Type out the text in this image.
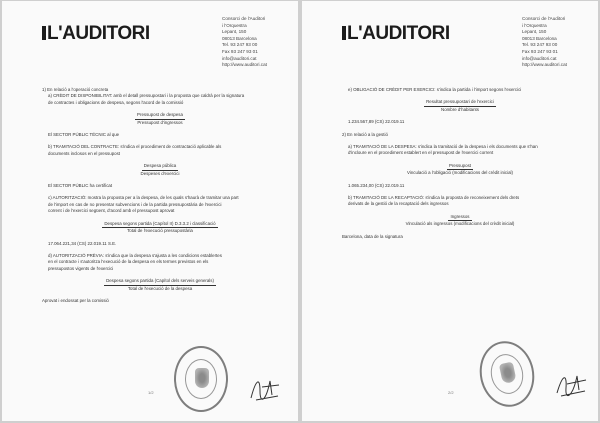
L'AUDITORI
Consorci de l'Auditori
i l'Orquestra
Lepant, 150
08013 Barcelona
Tel. 93 247 93 00
Fax 93 247 93 01
info@auditori.cat
http://www.auditori.cat
1) En relació a l'operació concreta
a) CRÈDIT DE DISPONIBILITAT: amb el detall pressupostari i la proposta que caldrà per la signatura
de contractes i obligacions de despesa, segons l'acord de la comissió
Pressupost de despesa
Pressupost d'ingressos
El SECTOR PÚBLIC TÉCNIC al que
b) TRAMITACIÓ DEL CONTRACTE: s'indica el procediment de contractació aplicable als
documents inclosos en el pressupost
Despesa pública
Despeses d'exercici
El SECTOR PÚBLIC ha certificat
c) AUTORITZACIÓ: mostra la proposta per a la despesa, de les quals s'haurà de tramitar una part
de l'import en cas de no presentar subvencions i de la partida pressupostària de l'exercici
corrent i de l'exercici següent, d'acord amb el pressupost aprovat
Despesa segons partida (Capítol II) D.3.3.2 i classificació
Total de l'execució pressupostària
17.064.221,34 (CS) 22.019.11 S.E.
d) AUTORITZACIÓ PRÈVIA: s'indica que la despesa s'ajusta a les condicions establertes
en el contracte i s'autoritza l'execució de la despesa en els termes previstos en els
pressupostos vigents de l'exercici
Despesa segons partida (Capítol dels serveis generals)
Total de l'execució de la despesa
Aprovat i endossat per la comissió
1/2
L'AUDITORI
Consorci de l'Auditori
i l'Orquestra
Lepant, 150
08013 Barcelona
Tel. 93 247 93 00
Fax 93 247 93 01
info@auditori.cat
http://www.auditori.cat
e) OBLIGACIÓ DE CRÈDIT PER EXERCICI: s'indica la partida i l'import segons l'exercici
Resultat pressupostari de l'exercici
Nombre d'habitants
1.234.567,89 (CS) 22.019.11
2) En relació a la gestió
a) TRAMITACIÓ DE LA DESPESA: s'indica la tramitació de la despesa i els documents que s'han
d'incloure en el procediment establert en el pressupost de l'exercici corrent
Pressupost
Vinculació a l'obligació (modificacions del crèdit inicial)
1.065.234,00 (CS) 22.019.11
b) TRAMITACIÓ DE LA RECAPTACIÓ: s'indica la proposta de reconeixement dels drets
derivats de la gestió de la recaptació dels ingressos
Ingressos
Vinculació als ingressos (modificacions del crèdit inicial)
Barcelona, data de la signatura
2/2
